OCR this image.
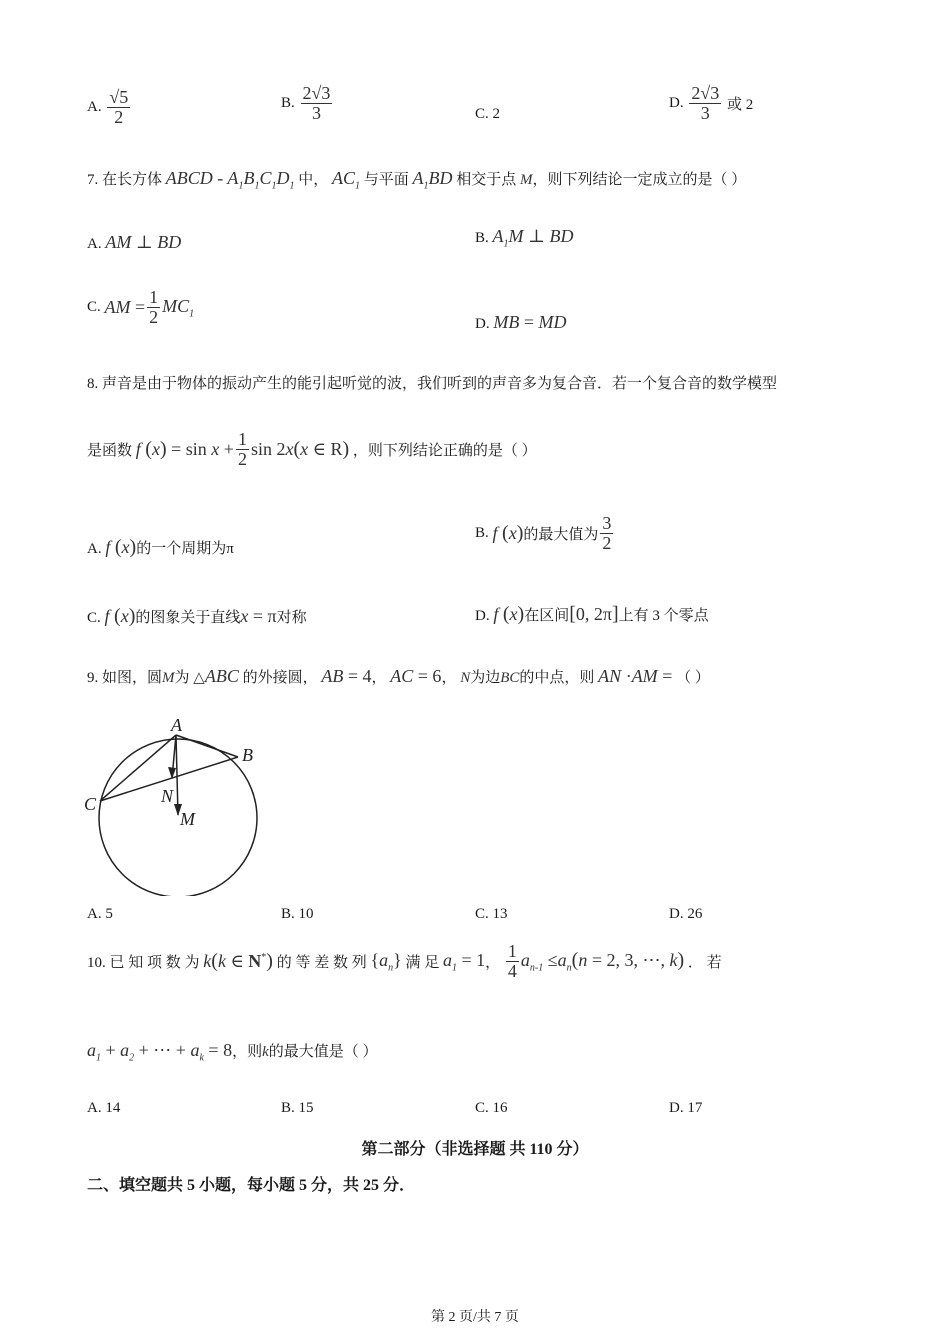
A. $\frac{√5}{2}$	B. $\frac{2√3}{3}$	C. 2
D. $\frac{2√3}{3}$ 或 2
7. 在长方体 ABCD - $A_1B_1C_1D_1$ 中， $AC_1$ 与平面 $A_1BD$ 相交于点 M，则下列结论一定成立的是（ ）
A. AM ⊥ BD	B. $A_1M$ ⊥ BD
C. AM = $\frac{1}{2} MC_1$
D. MB = MD
8. 声音是由于物体的振动产生的能引起听觉的波，我们听到的声音多为复合音．若一个复合音的数学模型
是函数 f $(x) = \sin x + \frac{1}{2}$ sin 2x(x ∈ R) ，则下列结论正确的是（ ）
A. f (x)的一个周期为π
B. f (x)的最大值为 $\frac{3}{2}$
C. f (x)的图象关于直线x = π对称	D. f (x)在区间[0, 2π]上有 3 个零点
9. 如图，圆M为 △ABC 的外接圆， AB = 4， AC = 6， N为边BC的中点，则 AN ·AM = （ ）
A
B
C	N
M
A. 5	B. 10	C. 13	D. 26
10. 已 知 项 数 为 k(k ∈ N*) 的 等 差 数 列 $\{a_n\}$ 满 足 $a_1 = 1$， $\frac{1}{4} a_{n-1} \le a_n(n = 2$, 3, ⋯, k) ． 若
$a_1 + a_2$ + ⋯ + $a_k = 8$，则k的最大值是（ ）
A. 14	B. 15	C. 16	D. 17
第二部分（非选择题 共 110 分）
二、填空题共 5 小题，每小题 5 分，共 25 分．
第 2 页/共 7 页
